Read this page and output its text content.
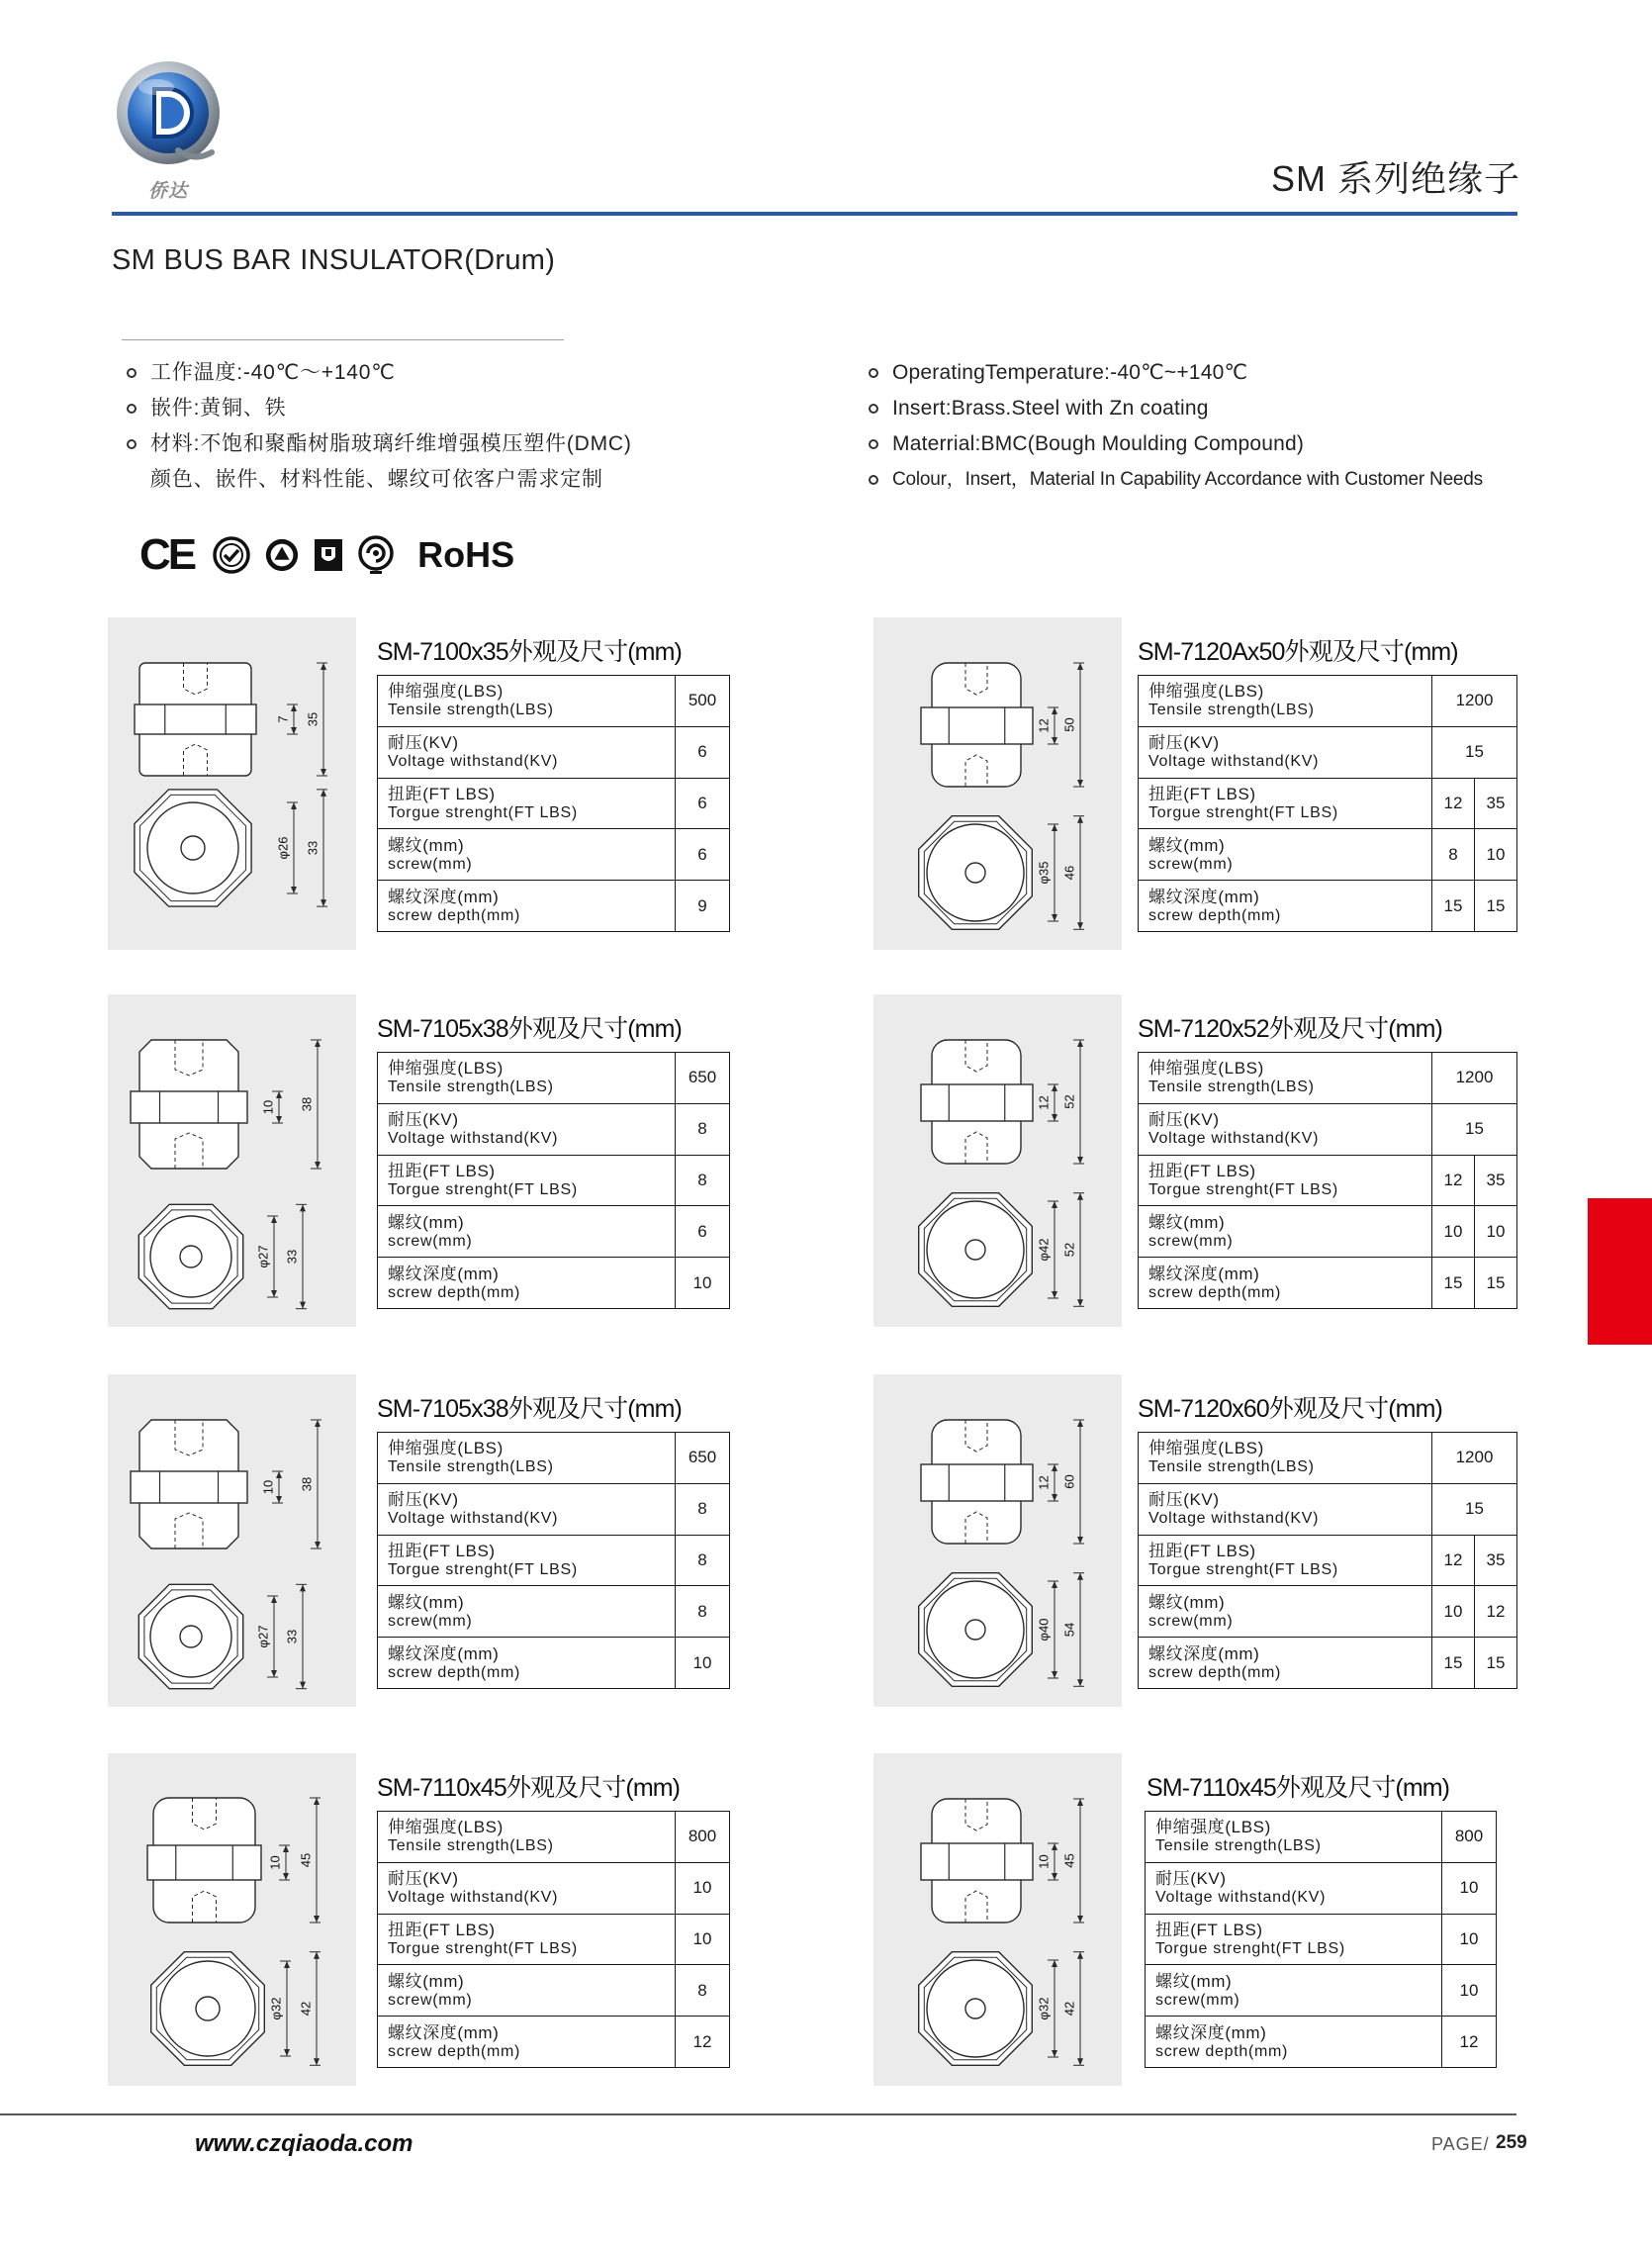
侨达	SM 系列绝缘子
SM BUS BAR INSULATOR(Drum)
工作温度:-40℃～+140℃
嵌件:黄铜、铁
材料:不饱和聚酯树脂玻璃纤维增强模压塑件(DMC)
颜色、嵌件、材料性能、螺纹可依客户需求定制
OperatingTemperature:-40℃~+140℃
Insert:Brass.Steel with Zn coating
Materrial:BMC(Bough Moulding Compound)
Colour，Insert，Material In Capability Accordance with Customer Needs
CE	RoHS
7 35
φ26 33
SM-7100x35外观及尺寸(mm)
伸缩强度(LBS)
Tensile strength(LBS)	500

耐压(KV)
Voltage withstand(KV)	6

扭距(FT LBS)
Torgue strenght(FT LBS)	6

螺纹(mm)
screw(mm)	6

螺纹深度(mm)
screw depth(mm)	9
12 50
φ35 46
SM-7120Ax50外观及尺寸(mm)
伸缩强度(LBS)
Tensile strength(LBS)	1200	

耐压(KV)
Voltage withstand(KV)	15	

扭距(FT LBS)
Torgue strenght(FT LBS)	12	35

螺纹(mm)
screw(mm)	8	10

螺纹深度(mm)
screw depth(mm)	15	15
10 38
φ27 33
SM-7105x38外观及尺寸(mm)
伸缩强度(LBS)
Tensile strength(LBS)	650

耐压(KV)
Voltage withstand(KV)	8

扭距(FT LBS)
Torgue strenght(FT LBS)	8

螺纹(mm)
screw(mm)	6

螺纹深度(mm)
screw depth(mm)	10
12 52
φ42 52
SM-7120x52外观及尺寸(mm)
伸缩强度(LBS)
Tensile strength(LBS)	1200	

耐压(KV)
Voltage withstand(KV)	15	

扭距(FT LBS)
Torgue strenght(FT LBS)	12	35

螺纹(mm)
screw(mm)	10	10

螺纹深度(mm)
screw depth(mm)	15	15
10 38
φ27 33
SM-7105x38外观及尺寸(mm)
伸缩强度(LBS)
Tensile strength(LBS)	650

耐压(KV)
Voltage withstand(KV)	8

扭距(FT LBS)
Torgue strenght(FT LBS)	8

螺纹(mm)
screw(mm)	8

螺纹深度(mm)
screw depth(mm)	10
12 60
φ40 54
SM-7120x60外观及尺寸(mm)
伸缩强度(LBS)
Tensile strength(LBS)	1200	

耐压(KV)
Voltage withstand(KV)	15	

扭距(FT LBS)
Torgue strenght(FT LBS)	12	35

螺纹(mm)
screw(mm)	10	12

螺纹深度(mm)
screw depth(mm)	15	15
10 45
φ32 42
SM-7110x45外观及尺寸(mm)
伸缩强度(LBS)
Tensile strength(LBS)	800

耐压(KV)
Voltage withstand(KV)	10

扭距(FT LBS)
Torgue strenght(FT LBS)	10

螺纹(mm)
screw(mm)	8

螺纹深度(mm)
screw depth(mm)	12
10 45
φ32 42
SM-7110x45外观及尺寸(mm)
伸缩强度(LBS)
Tensile strength(LBS)	800

耐压(KV)
Voltage withstand(KV)	10

扭距(FT LBS)
Torgue strenght(FT LBS)	10

螺纹(mm)
screw(mm)	10

螺纹深度(mm)
screw depth(mm)	12
www.czqiaoda.com	PAGE/ 259
